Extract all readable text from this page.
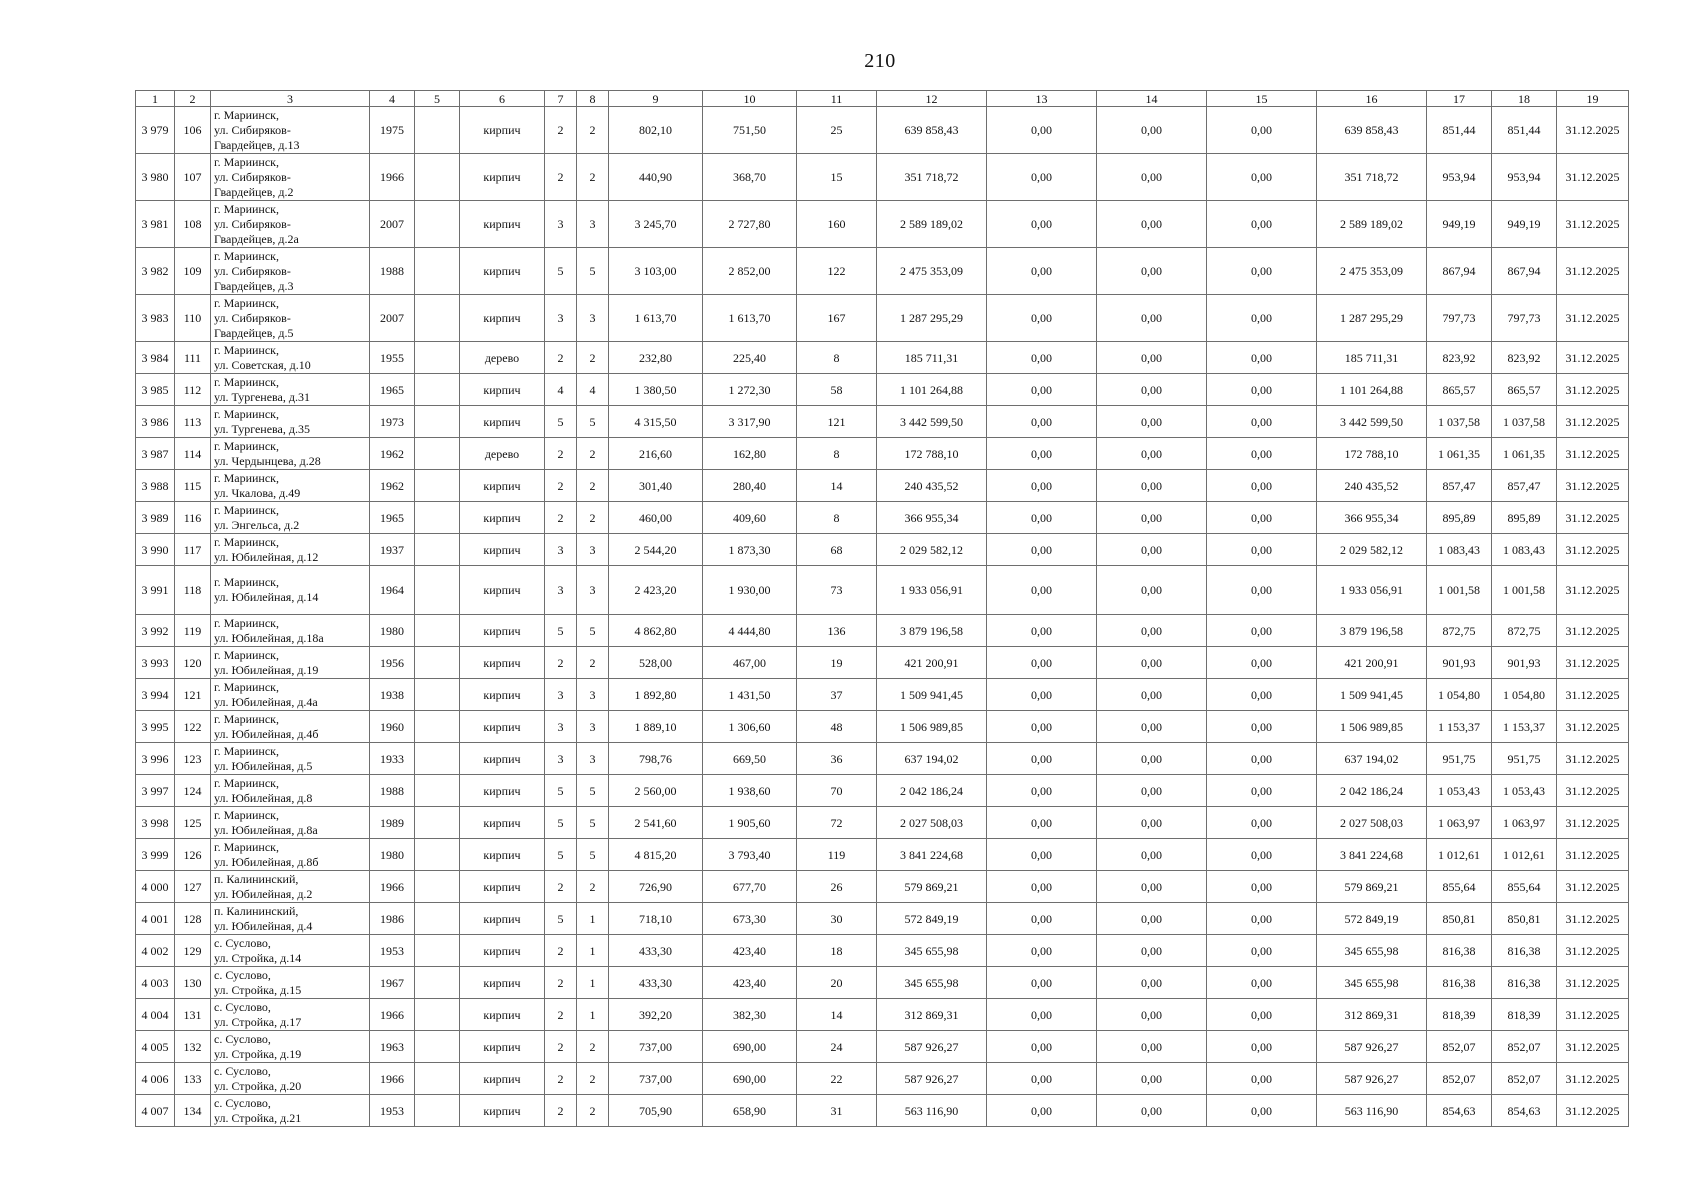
210
1	2	3	4	5	6	7	8	9	10	11	12	13	14	15	16	17	18	19
3 979	106	г. Мариинск,
ул. Сибиряков-
Гвардейцев, д.13	1975		кирпич	2	2	802,10	751,50	25	639 858,43	0,00	0,00	0,00	639 858,43	851,44	851,44	31.12.2025
3 980	107	г. Мариинск,
ул. Сибиряков-
Гвардейцев, д.2	1966		кирпич	2	2	440,90	368,70	15	351 718,72	0,00	0,00	0,00	351 718,72	953,94	953,94	31.12.2025
3 981	108	г. Мариинск,
ул. Сибиряков-
Гвардейцев, д.2а	2007		кирпич	3	3	3 245,70	2 727,80	160	2 589 189,02	0,00	0,00	0,00	2 589 189,02	949,19	949,19	31.12.2025
3 982	109	г. Мариинск,
ул. Сибиряков-
Гвардейцев, д.3	1988		кирпич	5	5	3 103,00	2 852,00	122	2 475 353,09	0,00	0,00	0,00	2 475 353,09	867,94	867,94	31.12.2025
3 983	110	г. Мариинск,
ул. Сибиряков-
Гвардейцев, д.5	2007		кирпич	3	3	1 613,70	1 613,70	167	1 287 295,29	0,00	0,00	0,00	1 287 295,29	797,73	797,73	31.12.2025
3 984	111	г. Мариинск,
ул. Советская, д.10	1955		дерево	2	2	232,80	225,40	8	185 711,31	0,00	0,00	0,00	185 711,31	823,92	823,92	31.12.2025
3 985	112	г. Мариинск,
ул. Тургенева, д.31	1965		кирпич	4	4	1 380,50	1 272,30	58	1 101 264,88	0,00	0,00	0,00	1 101 264,88	865,57	865,57	31.12.2025
3 986	113	г. Мариинск,
ул. Тургенева, д.35	1973		кирпич	5	5	4 315,50	3 317,90	121	3 442 599,50	0,00	0,00	0,00	3 442 599,50	1 037,58	1 037,58	31.12.2025
3 987	114	г. Мариинск,
ул. Чердынцева, д.28	1962		дерево	2	2	216,60	162,80	8	172 788,10	0,00	0,00	0,00	172 788,10	1 061,35	1 061,35	31.12.2025
3 988	115	г. Мариинск,
ул. Чкалова, д.49	1962		кирпич	2	2	301,40	280,40	14	240 435,52	0,00	0,00	0,00	240 435,52	857,47	857,47	31.12.2025
3 989	116	г. Мариинск,
ул. Энгельса, д.2	1965		кирпич	2	2	460,00	409,60	8	366 955,34	0,00	0,00	0,00	366 955,34	895,89	895,89	31.12.2025
3 990	117	г. Мариинск,
ул. Юбилейная, д.12	1937		кирпич	3	3	2 544,20	1 873,30	68	2 029 582,12	0,00	0,00	0,00	2 029 582,12	1 083,43	1 083,43	31.12.2025
3 991	118	г. Мариинск,
ул. Юбилейная, д.14	1964		кирпич	3	3	2 423,20	1 930,00	73	1 933 056,91	0,00	0,00	0,00	1 933 056,91	1 001,58	1 001,58	31.12.2025
3 992	119	г. Мариинск,
ул. Юбилейная, д.18а	1980		кирпич	5	5	4 862,80	4 444,80	136	3 879 196,58	0,00	0,00	0,00	3 879 196,58	872,75	872,75	31.12.2025
3 993	120	г. Мариинск,
ул. Юбилейная, д.19	1956		кирпич	2	2	528,00	467,00	19	421 200,91	0,00	0,00	0,00	421 200,91	901,93	901,93	31.12.2025
3 994	121	г. Мариинск,
ул. Юбилейная, д.4а	1938		кирпич	3	3	1 892,80	1 431,50	37	1 509 941,45	0,00	0,00	0,00	1 509 941,45	1 054,80	1 054,80	31.12.2025
3 995	122	г. Мариинск,
ул. Юбилейная, д.4б	1960		кирпич	3	3	1 889,10	1 306,60	48	1 506 989,85	0,00	0,00	0,00	1 506 989,85	1 153,37	1 153,37	31.12.2025
3 996	123	г. Мариинск,
ул. Юбилейная, д.5	1933		кирпич	3	3	798,76	669,50	36	637 194,02	0,00	0,00	0,00	637 194,02	951,75	951,75	31.12.2025
3 997	124	г. Мариинск,
ул. Юбилейная, д.8	1988		кирпич	5	5	2 560,00	1 938,60	70	2 042 186,24	0,00	0,00	0,00	2 042 186,24	1 053,43	1 053,43	31.12.2025
3 998	125	г. Мариинск,
ул. Юбилейная, д.8а	1989		кирпич	5	5	2 541,60	1 905,60	72	2 027 508,03	0,00	0,00	0,00	2 027 508,03	1 063,97	1 063,97	31.12.2025
3 999	126	г. Мариинск,
ул. Юбилейная, д.8б	1980		кирпич	5	5	4 815,20	3 793,40	119	3 841 224,68	0,00	0,00	0,00	3 841 224,68	1 012,61	1 012,61	31.12.2025
4 000	127	п. Калининский,
ул. Юбилейная, д.2	1966		кирпич	2	2	726,90	677,70	26	579 869,21	0,00	0,00	0,00	579 869,21	855,64	855,64	31.12.2025
4 001	128	п. Калининский,
ул. Юбилейная, д.4	1986		кирпич	5	1	718,10	673,30	30	572 849,19	0,00	0,00	0,00	572 849,19	850,81	850,81	31.12.2025
4 002	129	с. Суслово,
ул. Стройка, д.14	1953		кирпич	2	1	433,30	423,40	18	345 655,98	0,00	0,00	0,00	345 655,98	816,38	816,38	31.12.2025
4 003	130	с. Суслово,
ул. Стройка, д.15	1967		кирпич	2	1	433,30	423,40	20	345 655,98	0,00	0,00	0,00	345 655,98	816,38	816,38	31.12.2025
4 004	131	с. Суслово,
ул. Стройка, д.17	1966		кирпич	2	1	392,20	382,30	14	312 869,31	0,00	0,00	0,00	312 869,31	818,39	818,39	31.12.2025
4 005	132	с. Суслово,
ул. Стройка, д.19	1963		кирпич	2	2	737,00	690,00	24	587 926,27	0,00	0,00	0,00	587 926,27	852,07	852,07	31.12.2025
4 006	133	с. Суслово,
ул. Стройка, д.20	1966		кирпич	2	2	737,00	690,00	22	587 926,27	0,00	0,00	0,00	587 926,27	852,07	852,07	31.12.2025
4 007	134	с. Суслово,
ул. Стройка, д.21	1953		кирпич	2	2	705,90	658,90	31	563 116,90	0,00	0,00	0,00	563 116,90	854,63	854,63	31.12.2025
